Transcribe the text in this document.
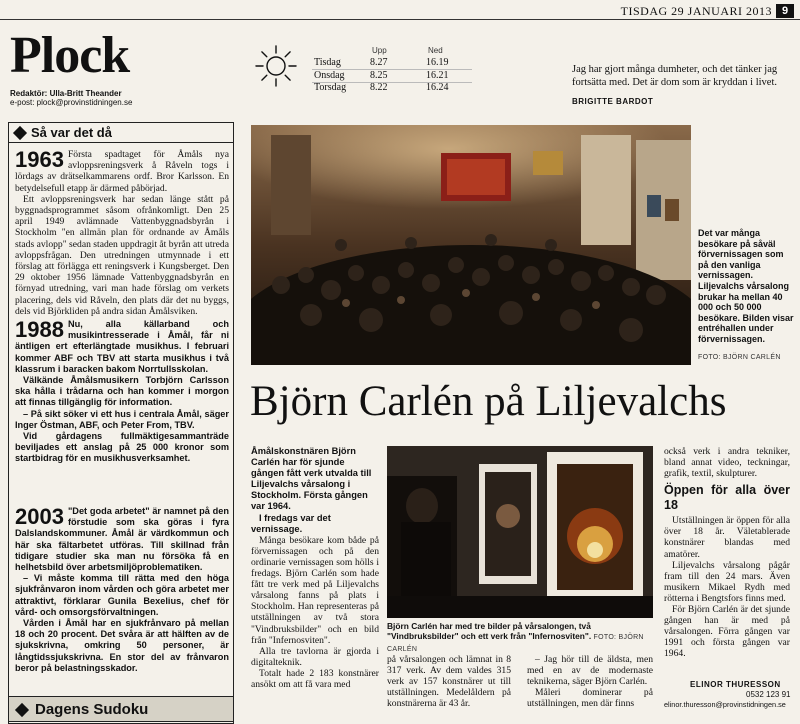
TISDAG 29 JANUARI 2013 9
Plock
Redaktör: Ulla-Britt Theander
e-post: plock@provinstidningen.se
Upp	Ned
Tisdag	8.27	16.19
Onsdag	8.25	16.21
Torsdag 8.22	16.24
Jag har gjort många dumheter, och det tänker jag fortsätta med. Det är dom som är kryddan i livet.
BRIGITTE BARDOT
Så var det då
1963 Första spadtaget för Åmåls nya avloppsreningsverk å Råveln togs i lördags av drätselkammarens ordf. Bror Karlsson. En betydelsefull etapp är därmed påbörjad.

Ett avloppsreningsverk har sedan länge stått på byggnadsprogrammet såsom ofrånkomligt. Den 25 april 1949 avlämnade Vattenbyggnadsbyrån i Stockholm "en allmän plan för ordnande av Åmåls stads avlopp" sedan staden uppdragit åt byrån att utreda avloppsfrågan. Den utredningen utmynnade i ett förslag att förlägga ett reningsverk i Kungsberget. Den 29 oktober 1956 lämnade Vattenbyggnadsbyrån en förnyad utredning, vari man hade förslag om verkets placering, dels vid Råveln, den plats där det nu byggs, dels vid Björkliden på andra sidan Åmålsviken.

1988 Nu, alla källarband och musikintresserade i Åmål, får ni äntligen ert efterlängtade musikhus. I februari kommer ABF och TBV att starta musikhus i två klassrum i baracken bakom Norrtullsskolan.

Välkände Åmålsmusikern Torbjörn Carlsson ska hålla i trådarna och han kommer i morgon att finnas tillgänglig för information.

– På sikt söker vi ett hus i centrala Åmål, säger Inger Östman, ABF, och Peter From, TBV.

Vid gårdagens fullmäktigesammanträde beviljades ett anslag på 25 000 kronor som startbidrag för en musikhusverksamhet.

2003 "Det goda arbetet" är namnet på den förstudie som ska göras i fyra Dalslandskommuner. Åmål är värdkommun och här ska fältarbetet utföras. Till skillnad från tidigare studier ska man nu försöka få en helhetsbild över arbetsmiljöproblematiken.

– Vi måste komma till rätta med den höga sjukfrånvaron inom vården och göra arbetet mer attraktivt, förklarar Gunila Bexelius, chef för vård- och omsorgsförvaltningen.

Vården i Åmål har en sjukfrånvaro på mellan 18 och 20 procent. Det svåra är att hälften av de sjukskrivna, omkring 50 personer, är långtidssjukskrivna. En stor del av frånvaron beror på belastningsskador.

Dagens Sudoku
Det var många besökare på såväl förvernissagen som på den vanliga vernissagen. Liljevalchs vårsalong brukar ha mellan 40 000 och 50 000 besökare. Bilden visar entréhallen under förvernissagen.
FOTO: BJÖRN CARLÉN
Björn Carlén på Liljevalchs
Åmålskonstnären Björn Carlén har för sjunde gången fått verk utvalda till Liljevalchs vårsalong i Stockholm. Första gången var 1964.
I fredags var det vernissage.

Många besökare kom både på förvernissagen och på den ordinarie vernissagen som hölls i fredags. Björn Carlén som hade fått tre verk med på Liljevalchs vårsalong fanns på plats i Stockholm. Han representeras på utställningen av två stora "Vindbruksbilder" och en bild från "Infernosviten".

Alla tre tavlorna är gjorda i digitalteknik.

Totalt hade 2 183 konstnärer ansökt om att få vara med

Björn Carlén har med tre bilder på vårsalongen, två "Vindbruksbilder" och ett verk från "Infernosviten". FOTO: BJÖRN CARLÉN
på vårsalongen och lämnat in 8 317 verk. Av dem valdes 315 verk av 157 konstnärer ut till utställningen. Medelåldern på konstnärerna är 43 år.

– Jag hör till de äldsta, men med en av de modernaste teknikerna, säger Björn Carlén.

Måleri dominerar på utställningen, men där finns

också verk i andra tekniker, bland annat video, teckningar, grafik, textil, skulpturer.

Öppen för alla över 18

Utställningen är öppen för alla över 18 år. Väletablerade konstnärer blandas med amatörer.

Liljevalchs vårsalong pågår fram till den 24 mars. Även musikern Mikael Rydh med rötterna i Bengtsfors finns med.

För Björn Carlén är det sjunde gången han är med på vårsalongen. Förra gången var 1991 och första gången var 1964.

ELINOR THURESSON
0532 123 91
elinor.thuresson@provinstidningen.se
